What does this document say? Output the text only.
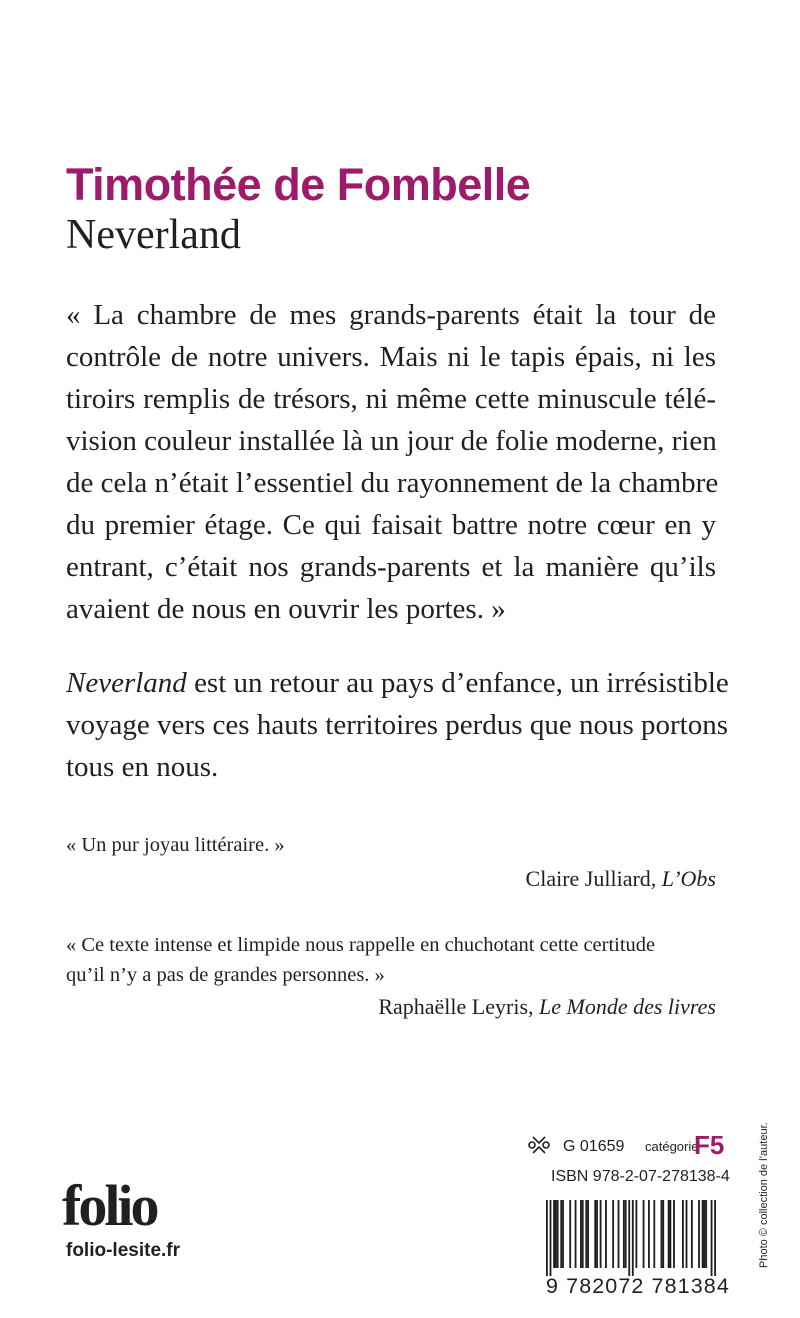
Timothée de Fombelle
Neverland
« La chambre de mes grands-parents était la tour de
contrôle de notre univers. Mais ni le tapis épais, ni les
tiroirs remplis de trésors, ni même cette minuscule télé-
vision couleur installée là un jour de folie moderne, rien
de cela n’était l’essentiel du rayonnement de la chambre
du premier étage. Ce qui faisait battre notre cœur en y
entrant, c’était nos grands-parents et la manière qu’ils
avaient de nous en ouvrir les portes. »
Neverland est un retour au pays d’enfance, un irrésistible
voyage vers ces hauts territoires perdus que nous portons
tous en nous.
« Un pur joyau littéraire. »
Claire Julliard, L’Obs
« Ce texte intense et limpide nous rappelle en chuchotant cette certitude
qu’il n’y a pas de grandes personnes. »
Raphaëlle Leyris, Le Monde des livres
folio
folio-lesite.fr
G 01659 catégorie
F5
ISBN 978-2-07-278138-4
9 782072 781384
Photo © collection de l’auteur.
